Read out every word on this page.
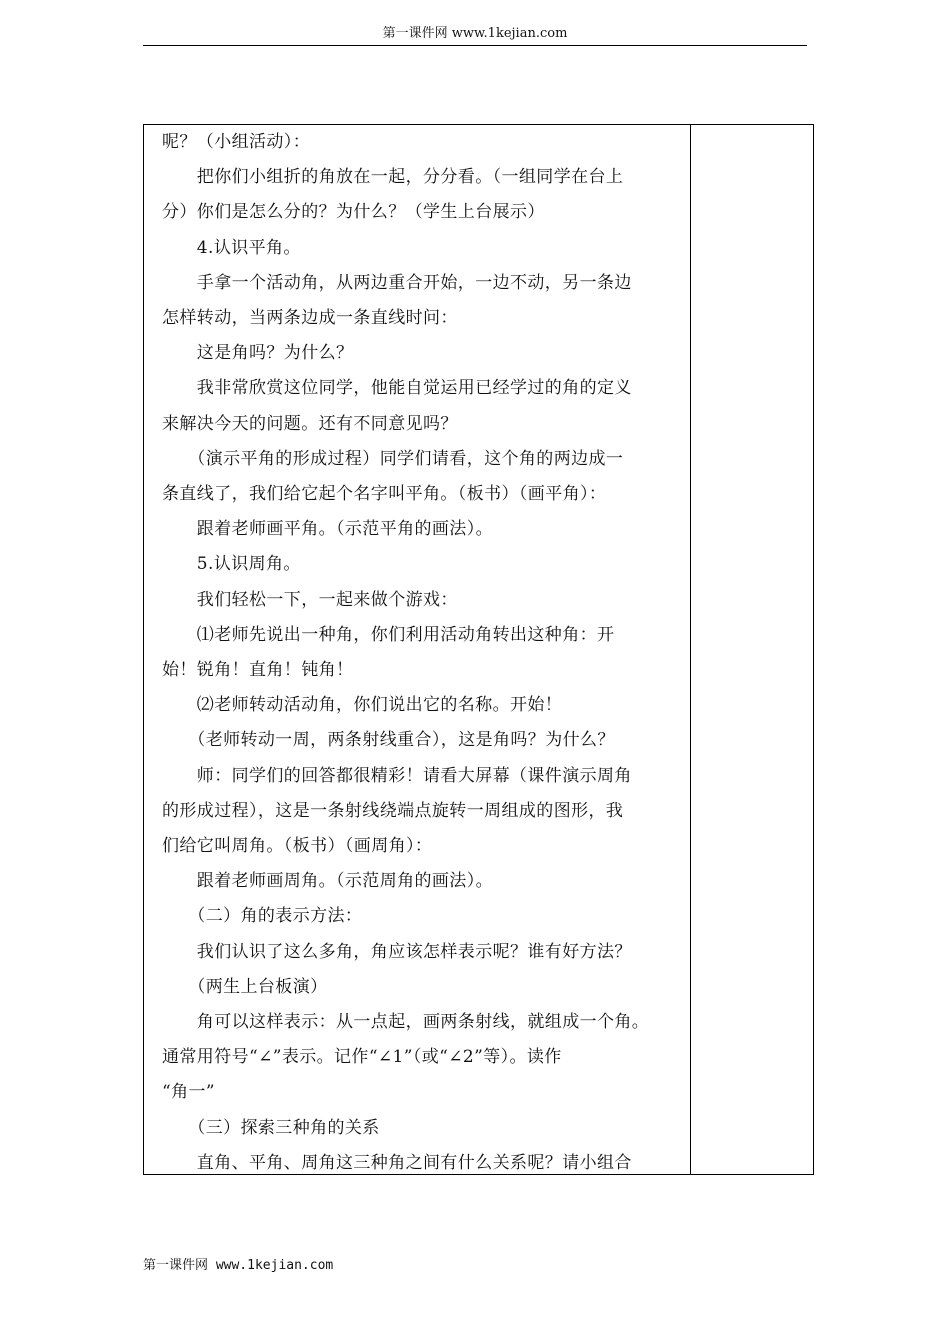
第一课件网 www.1kejian.com

呢？（小组活动）：

　　把你们小组折的角放在一起，分分看。（一组同学在台上

分）你们是怎么分的？为什么？（学生上台展示）

　　4.认识平角。

　　手拿一个活动角，从两边重合开始，一边不动，另一条边

怎样转动，当两条边成一条直线时问：

　　这是角吗？为什么？

　　我非常欣赏这位同学，他能自觉运用已经学过的角的定义

来解决今天的问题。还有不同意见吗？

　　（演示平角的形成过程）同学们请看，这个角的两边成一

条直线了，我们给它起个名字叫平角。（板书）（画平角）：

　　跟着老师画平角。（示范平角的画法）。

　　5.认识周角。

　　我们轻松一下，一起来做个游戏：

　　⑴老师先说出一种角，你们利用活动角转出这种角：开

始！锐角！直角！钝角！

　　⑵老师转动活动角，你们说出它的名称。开始！

　　（老师转动一周，两条射线重合），这是角吗？为什么？

　　师：同学们的回答都很精彩！请看大屏幕（课件演示周角

的形成过程），这是一条射线绕端点旋转一周组成的图形，我

们给它叫周角。（板书）（画周角）：

　　跟着老师画周角。（示范周角的画法）。

　　（二）角的表示方法：

　　我们认识了这么多角，角应该怎样表示呢？谁有好方法？

　　（两生上台板演）

　　角可以这样表示：从一点起，画两条射线，就组成一个角。

通常用符号“∠”表示。记作“∠1”（或“∠2”等）。读作

“角一”

　　（三）探索三种角的关系

　　直角、平角、周角这三种角之间有什么关系呢？请小组合

第一课件网 www.1kejian.com
